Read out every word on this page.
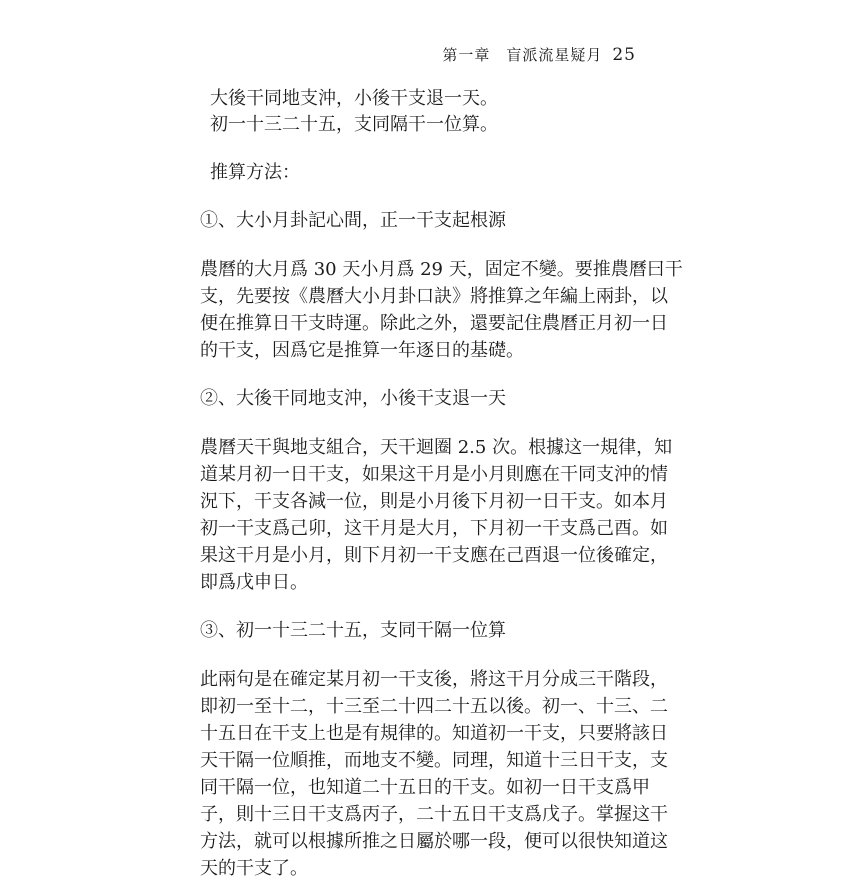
第一章　盲派流星疑月 25
大後干同地支沖，小後干支退一天。
初一十三二十五，支同隔干一位算。
推算方法：
①、大小月卦記心間，正一干支起根源
農曆的大月爲 30 天小月爲 29 天，固定不變。要推農曆曰干
支，先要按《農曆大小月卦口訣》將推算之年編上兩卦，以
便在推算日干支時運。除此之外，還要記住農曆正月初一日
的干支，因爲它是推算一年逐日的基礎。
②、大後干同地支沖，小後干支退一天
農曆天干與地支組合，天干迴圈 2.5 次。根據这一規律，知
道某月初一日干支，如果这干月是小月則應在干同支沖的情
況下，干支各減一位，則是小月後下月初一日干支。如本月
初一干支爲己卯，这干月是大月，下月初一干支爲己酉。如
果这干月是小月，則下月初一干支應在己酉退一位後確定，
即爲戊申日。
③、初一十三二十五，支同干隔一位算
此兩句是在確定某月初一干支後，將这干月分成三干階段，
即初一至十二，十三至二十四二十五以後。初一、十三、二
十五日在干支上也是有規律的。知道初一干支，只要將該日
天干隔一位順推，而地支不變。同理，知道十三日干支，支
同干隔一位，也知道二十五日的干支。如初一日干支爲甲
子，則十三日干支爲丙子，二十五日干支爲戊子。掌握这干
方法，就可以根據所推之日屬於哪一段，便可以很快知道这
天的干支了。
